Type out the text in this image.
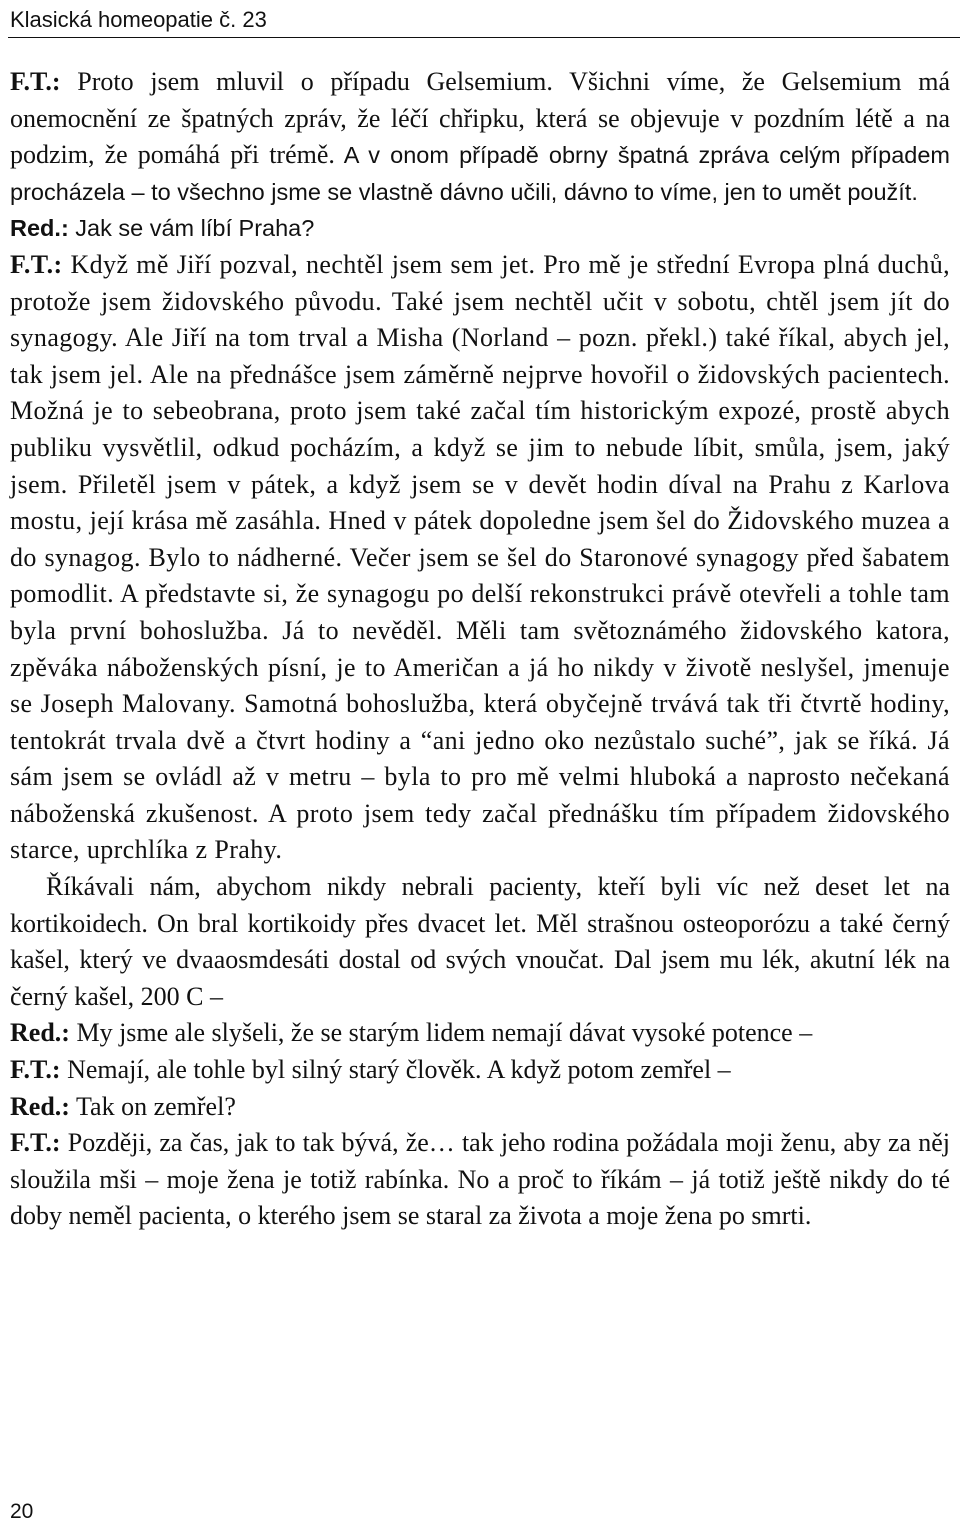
Klasická homeopatie č. 23

F.T.: Proto jsem mluvil o případu Gelsemium. Všichni víme, že Gelsemium má onemocnění ze špatných zpráv, že léčí chřipku, která se objevuje v pozdním létě a na podzim, že pomáhá při trémě. A v onom případě obrny špatná zpráva celým případem procházela – to všechno jsme se vlastně dávno učili, dávno to víme, jen to umět použít.

Red.: Jak se vám líbí Praha?

F.T.: Když mě Jiří pozval, nechtěl jsem sem jet. Pro mě je střední Evropa plná duchů, protože jsem židovského původu. Také jsem nechtěl učit v sobotu, chtěl jsem jít do synagogy. Ale Jiří na tom trval a Misha (Norland – pozn. překl.) také říkal, abych jel, tak jsem jel. Ale na přednášce jsem záměrně nejprve hovořil o židovských pacientech. Možná je to sebeobrana, proto jsem také začal tím historickým expozé, prostě abych publiku vysvětlil, odkud pocházím, a když se jim to nebude líbit, smůla, jsem, jaký jsem. Přiletěl jsem v pátek, a když jsem se v devět hodin díval na Prahu z Karlova mostu, její krása mě zasáhla. Hned v pátek dopoledne jsem šel do Židovského muzea a do synagog. Bylo to nádherné. Večer jsem se šel do Staronové synagogy před šabatem pomodlit. A představte si, že synagogu po delší rekonstrukci právě otevřeli a tohle tam byla první bohoslužba. Já to nevěděl. Měli tam světoznámého židovského katora, zpěváka náboženských písní, je to Američan a já ho nikdy v životě neslyšel, jmenuje se Joseph Malovany. Samotná bohoslužba, která obyčejně trvává tak tři čtvrtě hodiny, tentokrát trvala dvě a čtvrt hodiny a “ani jedno oko nezůstalo suché”, jak se říká. Já sám jsem se ovládl až v metru – byla to pro mě velmi hluboká a naprosto nečekaná náboženská zkušenost. A proto jsem tedy začal přednášku tím případem židovského starce, uprchlíka z Prahy.

Říkávali nám, abychom nikdy nebrali pacienty, kteří byli víc než deset let na kortikoidech. On bral kortikoidy přes dvacet let. Měl strašnou osteoporózu a také černý kašel, který ve dvaaosmdesáti dostal od svých vnoučat. Dal jsem mu lék, akutní lék na černý kašel, 200 C –

Red.: My jsme ale slyšeli, že se starým lidem nemají dávat vysoké potence –

F.T.: Nemají, ale tohle byl silný starý člověk. A když potom zemřel –

Red.: Tak on zemřel?

F.T.: Později, za čas, jak to tak bývá, že… tak jeho rodina požádala moji ženu, aby za něj sloužila mši – moje žena je totiž rabínka. No a proč to říkám – já totiž ještě nikdy do té doby neměl pacienta, o kterého jsem se staral za života a moje žena po smrti.

20
